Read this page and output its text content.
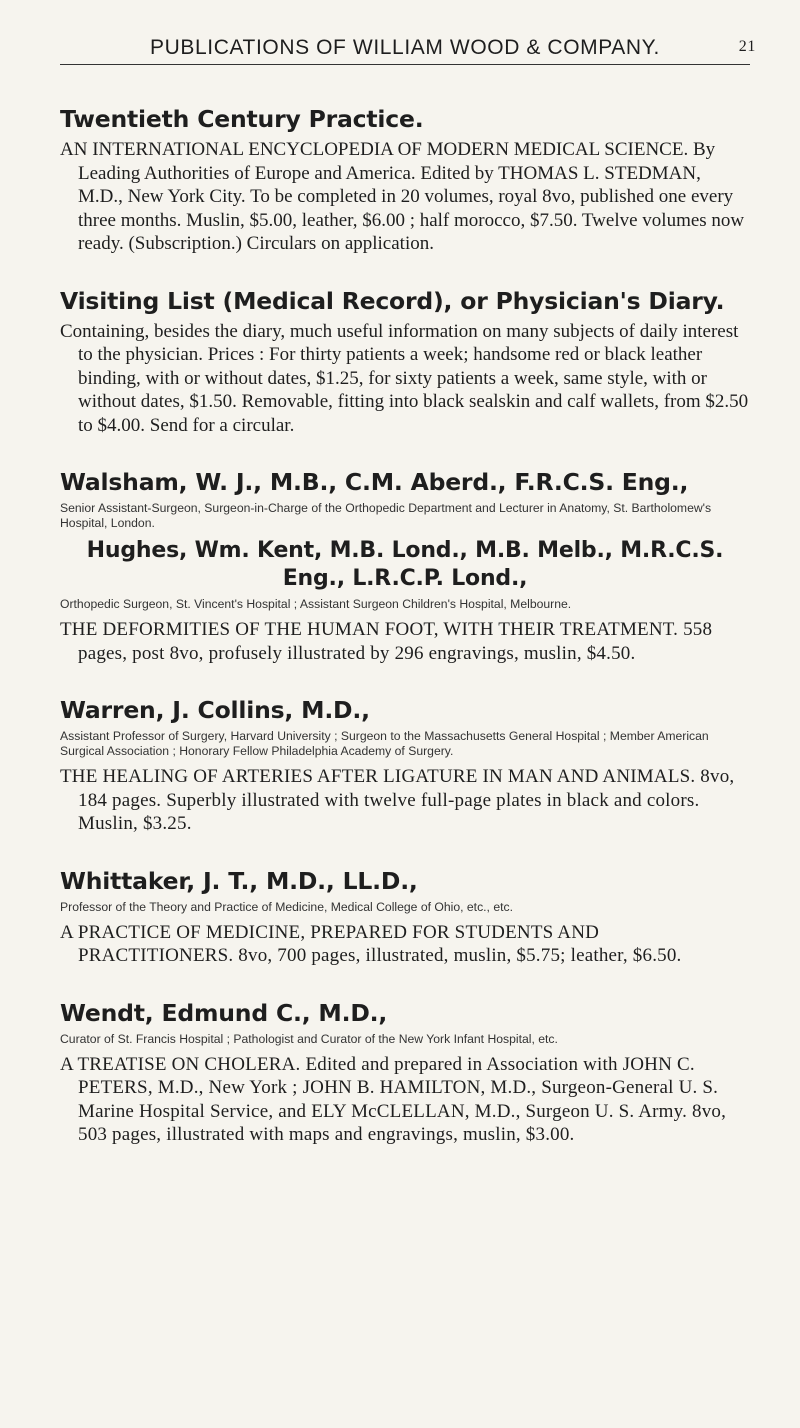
PUBLICATIONS OF WILLIAM WOOD & COMPANY.	21
Twentieth Century Practice.

AN INTERNATIONAL ENCYCLOPEDIA OF MODERN MEDICAL SCIENCE. By Leading Authorities of Europe and America. Edited by THOMAS L. STEDMAN, M.D., New York City. To be completed in 20 volumes, royal 8vo, published one every three months. Muslin, $5.00, leather, $6.00 ; half morocco, $7.50. Twelve volumes now ready. (Subscription.) Circulars on application.

Visiting List (Medical Record), or Physician's Diary.

Containing, besides the diary, much useful information on many subjects of daily interest to the physician. Prices : For thirty patients a week; handsome red or black leather binding, with or without dates, $1.25, for sixty patients a week, same style, with or without dates, $1.50. Removable, fitting into black sealskin and calf wallets, from $2.50 to $4.00. Send for a circular.

Walsham, W. J., M.B., C.M. Aberd., F.R.C.S. Eng.,

Senior Assistant-Surgeon, Surgeon-in-Charge of the Orthopedic Department and Lecturer in Anatomy, St. Bartholomew's Hospital, London.

Hughes, Wm. Kent, M.B. Lond., M.B. Melb., M.R.C.S. Eng., L.R.C.P. Lond.,

Orthopedic Surgeon, St. Vincent's Hospital ; Assistant Surgeon Children's Hospital, Melbourne.

THE DEFORMITIES OF THE HUMAN FOOT, WITH THEIR TREATMENT. 558 pages, post 8vo, profusely illustrated by 296 engravings, muslin, $4.50.

Warren, J. Collins, M.D.,

Assistant Professor of Surgery, Harvard University ; Surgeon to the Massachusetts General Hospital ; Member American Surgical Association ; Honorary Fellow Philadelphia Academy of Surgery.

THE HEALING OF ARTERIES AFTER LIGATURE IN MAN AND ANIMALS. 8vo, 184 pages. Superbly illustrated with twelve full-page plates in black and colors. Muslin, $3.25.

Whittaker, J. T., M.D., LL.D.,

Professor of the Theory and Practice of Medicine, Medical College of Ohio, etc., etc.

A PRACTICE OF MEDICINE, PREPARED FOR STUDENTS AND PRACTITIONERS. 8vo, 700 pages, illustrated, muslin, $5.75; leather, $6.50.

Wendt, Edmund C., M.D.,

Curator of St. Francis Hospital ; Pathologist and Curator of the New York Infant Hospital, etc.

A TREATISE ON CHOLERA. Edited and prepared in Association with JOHN C. PETERS, M.D., New York ; JOHN B. HAMILTON, M.D., Surgeon-General U. S. Marine Hospital Service, and ELY McCLELLAN, M.D., Surgeon U. S. Army. 8vo, 503 pages, illustrated with maps and engravings, muslin, $3.00.
